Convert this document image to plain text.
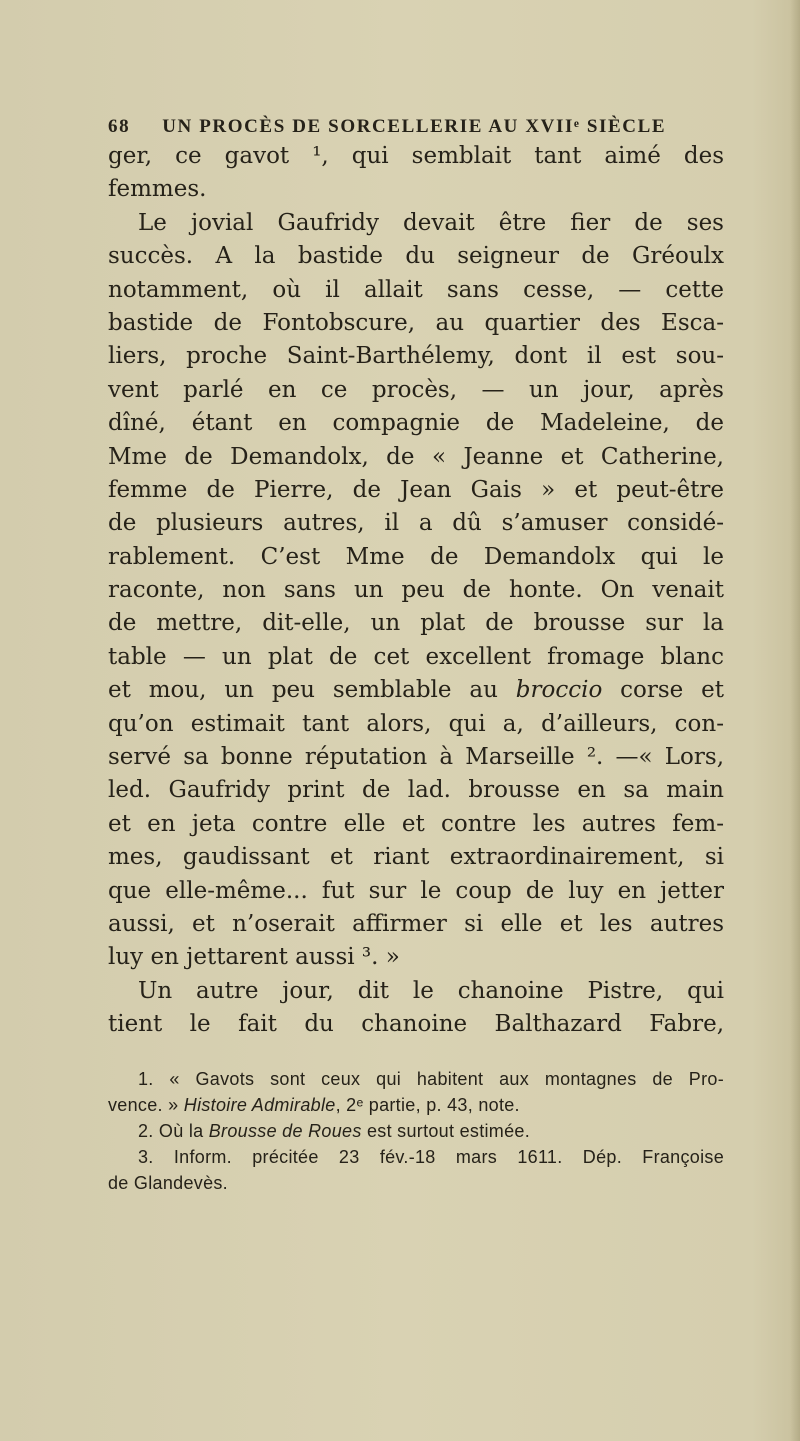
68 UN PROCÈS DE SORCELLERIE AU XVIIᵉ SIÈCLE
ger, ce gavot ¹, qui semblait tant aimé des
femmes.
Le jovial Gaufridy devait être fier de ses
succès. A la bastide du seigneur de Gréoulx
notamment, où il allait sans cesse, — cette
bastide de Fontobscure, au quartier des Esca-
liers, proche Saint-Barthélemy, dont il est sou-
vent parlé en ce procès, — un jour, après
dîné, étant en compagnie de Madeleine, de
Mme de Demandolx, de « Jeanne et Catherine,
femme de Pierre, de Jean Gais » et peut-être
de plusieurs autres, il a dû s’amuser considé-
rablement. C’est Mme de Demandolx qui le
raconte, non sans un peu de honte. On venait
de mettre, dit-elle, un plat de brousse sur la
table — un plat de cet excellent fromage blanc
et mou, un peu semblable au broccio corse et
qu’on estimait tant alors, qui a, d’ailleurs, con-
servé sa bonne réputation à Marseille ². —« Lors,
led. Gaufridy print de lad. brousse en sa main
et en jeta contre elle et contre les autres fem-
mes, gaudissant et riant extraordinairement, si
que elle-même... fut sur le coup de luy en jetter
aussi, et n’oserait affirmer si elle et les autres
luy en jettarent aussi ³. »
Un autre jour, dit le chanoine Pistre, qui
tient le fait du chanoine Balthazard Fabre,
1. « Gavots sont ceux qui habitent aux montagnes de Pro-
vence. » Histoire Admirable, 2ᵉ partie, p. 43, note.
2. Où la Brousse de Roues est surtout estimée.
3. Inform. précitée 23 fév.-18 mars 1611. Dép. Françoise
de Glandevès.
